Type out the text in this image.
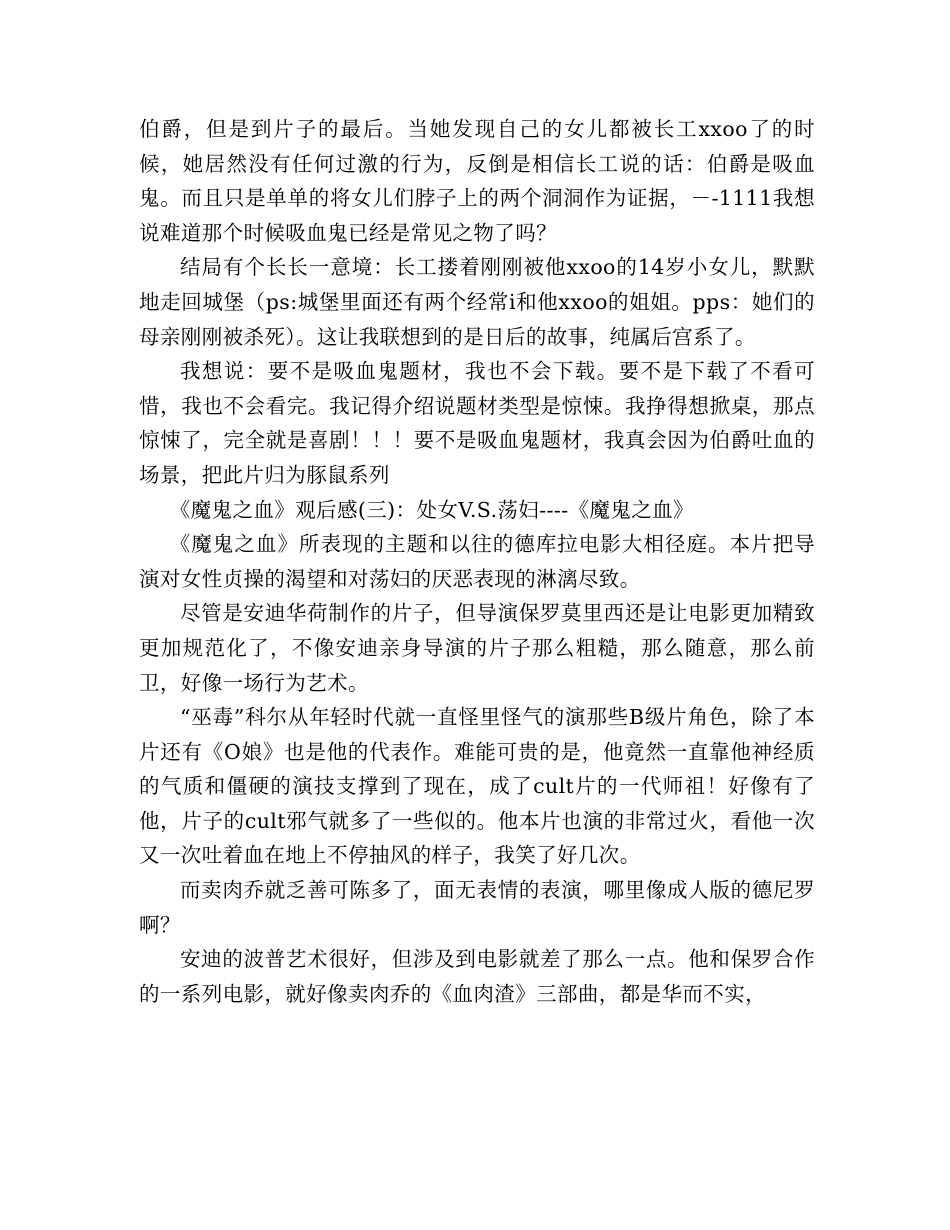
伯爵，但是到片子的最后。当她发现自己的女儿都被长工xxoo了的时候，她居然没有任何过激的行为，反倒是相信长工说的话：伯爵是吸血鬼。而且只是单单的将女儿们脖子上的两个洞洞作为证据，－-1111我想说难道那个时候吸血鬼已经是常见之物了吗？

结局有个长长一意境：长工搂着刚刚被他xxoo的14岁小女儿，默默地走回城堡（ps:城堡里面还有两个经常i和他xxoo的姐姐。pps：她们的母亲刚刚被杀死）。这让我联想到的是日后的故事，纯属后宫系了。

我想说：要不是吸血鬼题材，我也不会下载。要不是下载了不看可惜，我也不会看完。我记得介绍说题材类型是惊悚。我挣得想掀桌，那点惊悚了，完全就是喜剧！！！要不是吸血鬼题材，我真会因为伯爵吐血的场景，把此片归为豚鼠系列

《魔鬼之血》观后感(三)：处女V.S.荡妇----《魔鬼之血》

《魔鬼之血》所表现的主题和以往的德库拉电影大相径庭。本片把导演对女性贞操的渴望和对荡妇的厌恶表现的淋漓尽致。

尽管是安迪华荷制作的片子，但导演保罗莫里西还是让电影更加精致更加规范化了，不像安迪亲身导演的片子那么粗糙，那么随意，那么前卫，好像一场行为艺术。

“巫毒”科尔从年轻时代就一直怪里怪气的演那些B级片角色，除了本片还有《O娘》也是他的代表作。难能可贵的是，他竟然一直靠他神经质的气质和僵硬的演技支撑到了现在，成了cult片的一代师祖！好像有了他，片子的cult邪气就多了一些似的。他本片也演的非常过火，看他一次又一次吐着血在地上不停抽风的样子，我笑了好几次。

而卖肉乔就乏善可陈多了，面无表情的表演，哪里像成人版的德尼罗啊？

安迪的波普艺术很好，但涉及到电影就差了那么一点。他和保罗合作的一系列电影，就好像卖肉乔的《血肉渣》三部曲，都是华而不实，
